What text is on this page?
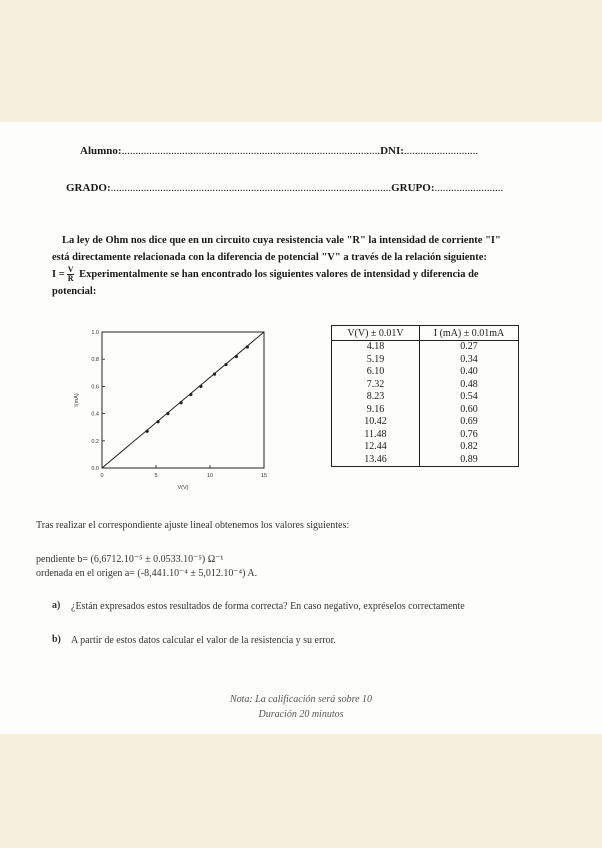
Alumno:..............................................................................................DNI:...........................
GRADO:......................................................................................................GRUPO:.........................
La ley de Ohm nos dice que en un circuito cuya resistencia vale "R" la intensidad de corriente "I"
está directamente relacionada con la diferencia de potencial "V" a través de la relación siguiente:
$I = \frac{V}{R}$ Experimentalmente se han encontrado los siguientes valores de intensidad y diferencia de
potencial:
0.0
0.2
0.4
0.6
0.8
1.0
0	5	10	15
V(V)
I(mA)
V(V) ± 0.01V	I (mA) ± 0.01mA
4.18	0.27
5.19	0.34
6.10	0.40
7.32	0.48
8.23	0.54
9.16	0.60
10.42	0.69
11.48	0.76
12.44	0.82
13.46	0.89
Tras realizar el correspondiente ajuste lineal obtenemos los valores siguientes:
pendiente b= (6,6712.10⁻⁵ ± 0.0533.10⁻⁵) Ω⁻¹
ordenada en el origen a= (-8,441.10⁻⁴ ± 5,012.10⁻⁴) A.
a) ¿Están expresados estos resultados de forma correcta? En caso negativo, expréselos correctamente
b) A partir de estos datos calcular el valor de la resistencia y su error.
Nota: La calificación será sobre 10
Duración 20 minutos
